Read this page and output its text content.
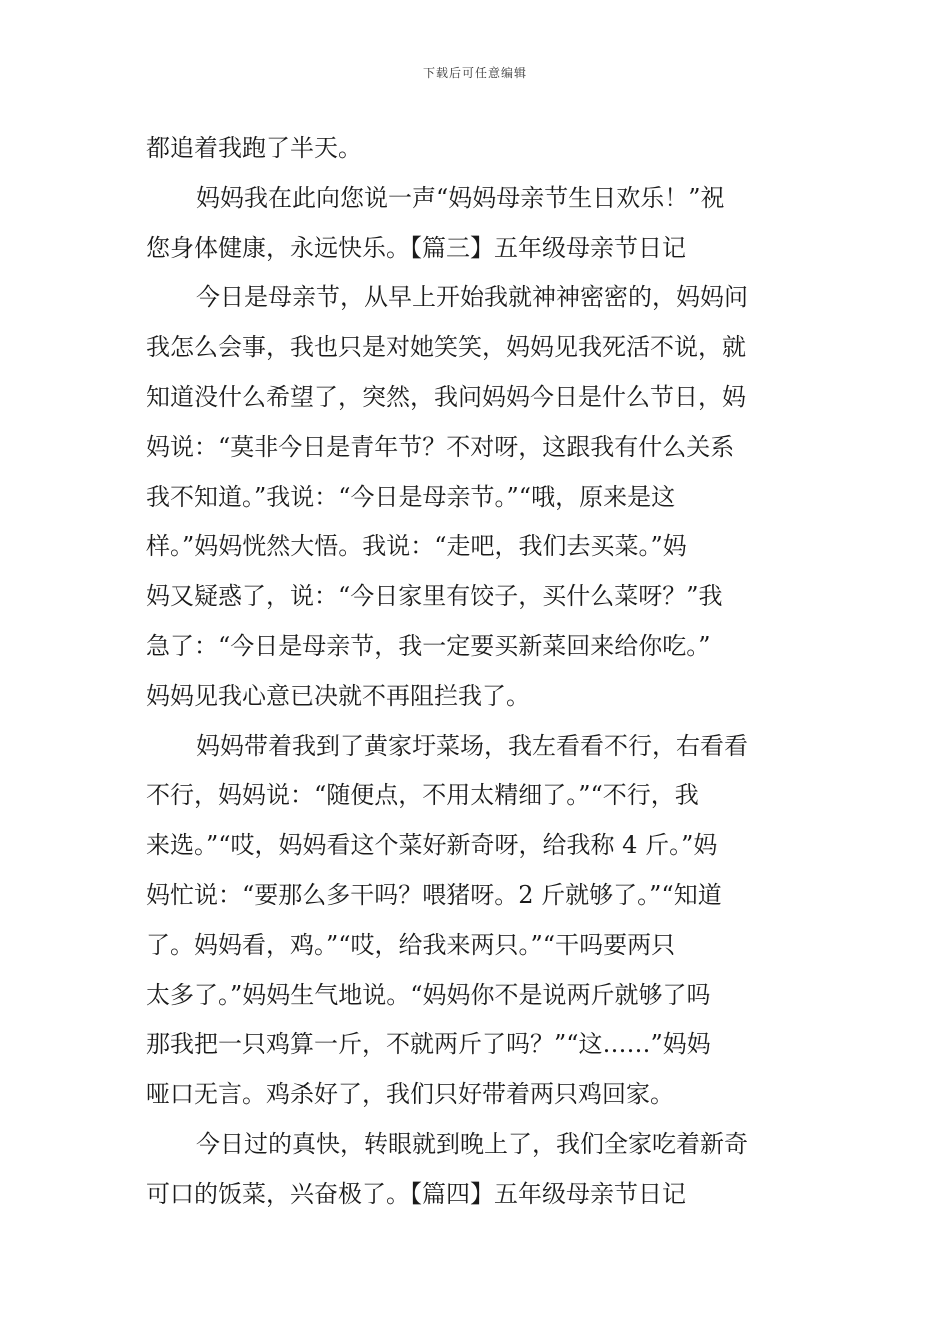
下载后可任意编辑
都追着我跑了半天。
妈妈我在此向您说一声“妈妈母亲节生日欢乐！”祝
您身体健康，永远快乐。【篇三】五年级母亲节日记
今日是母亲节，从早上开始我就神神密密的，妈妈问
我怎么会事，我也只是对她笑笑，妈妈见我死活不说，就
知道没什么希望了，突然，我问妈妈今日是什么节日，妈
妈说：“莫非今日是青年节？不对呀，这跟我有什么关系
我不知道。”我说：“今日是母亲节。”“哦，原来是这
样。”妈妈恍然大悟。我说：“走吧，我们去买菜。”妈
妈又疑惑了，说：“今日家里有饺子，买什么菜呀？”我
急了：“今日是母亲节，我一定要买新菜回来给你吃。”
妈妈见我心意已决就不再阻拦我了。
妈妈带着我到了黄家圩菜场，我左看看不行，右看看
不行，妈妈说：“随便点，不用太精细了。”“不行，我
来选。”“哎，妈妈看这个菜好新奇呀，给我称 4 斤。”妈
妈忙说：“要那么多干吗？喂猪呀。2 斤就够了。”“知道
了。妈妈看，鸡。”“哎，给我来两只。”“干吗要两只
太多了。”妈妈生气地说。“妈妈你不是说两斤就够了吗
那我把一只鸡算一斤，不就两斤了吗？”“这……”妈妈
哑口无言。鸡杀好了，我们只好带着两只鸡回家。
今日过的真快，转眼就到晚上了，我们全家吃着新奇
可口的饭菜，兴奋极了。【篇四】五年级母亲节日记
